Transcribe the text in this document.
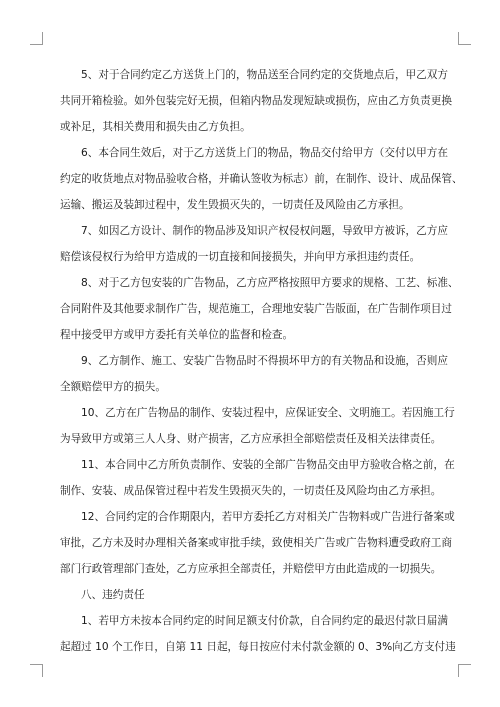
5、对于合同约定乙方送货上门的，物品送至合同约定的交货地点后，甲乙双方
共同开箱检验。如外包装完好无损，但箱内物品发现短缺或损伤，应由乙方负责更换
或补足，其相关费用和损失由乙方负担。
6、本合同生效后，对于乙方送货上门的物品，物品交付给甲方（交付以甲方在
约定的收货地点对物品验收合格，并确认签收为标志）前，在制作、设计、成品保管、
运输、搬运及装卸过程中，发生毁损灭失的，一切责任及风险由乙方承担。
7、如因乙方设计、制作的物品涉及知识产权侵权问题，导致甲方被诉，乙方应
赔偿该侵权行为给甲方造成的一切直接和间接损失，并向甲方承担违约责任。
8、对于乙方包安装的广告物品，乙方应严格按照甲方要求的规格、工艺、标准、
合同附件及其他要求制作广告，规范施工，合理地安装广告版面，在广告制作项目过
程中接受甲方或甲方委托有关单位的监督和检查。
9、乙方制作、施工、安装广告物品时不得损坏甲方的有关物品和设施，否则应
全额赔偿甲方的损失。
10、乙方在广告物品的制作、安装过程中，应保证安全、文明施工。若因施工行
为导致甲方或第三人人身、财产损害，乙方应承担全部赔偿责任及相关法律责任。
11、本合同中乙方所负责制作、安装的全部广告物品交由甲方验收合格之前，在
制作、安装、成品保管过程中若发生毁损灭失的，一切责任及风险均由乙方承担。
12、合同约定的合作期限内，若甲方委托乙方对相关广告物料或广告进行备案或
审批，乙方未及时办理相关备案或审批手续，致使相关广告或广告物料遭受政府工商
部门行政管理部门查处，乙方应承担全部责任，并赔偿甲方由此造成的一切损失。
八、违约责任
1、若甲方未按本合同约定的时间足额支付价款，自合同约定的最迟付款日届满
起超过 10 个工作日，自第 11 日起，每日按应付未付款金额的 0、3%向乙方支付违
